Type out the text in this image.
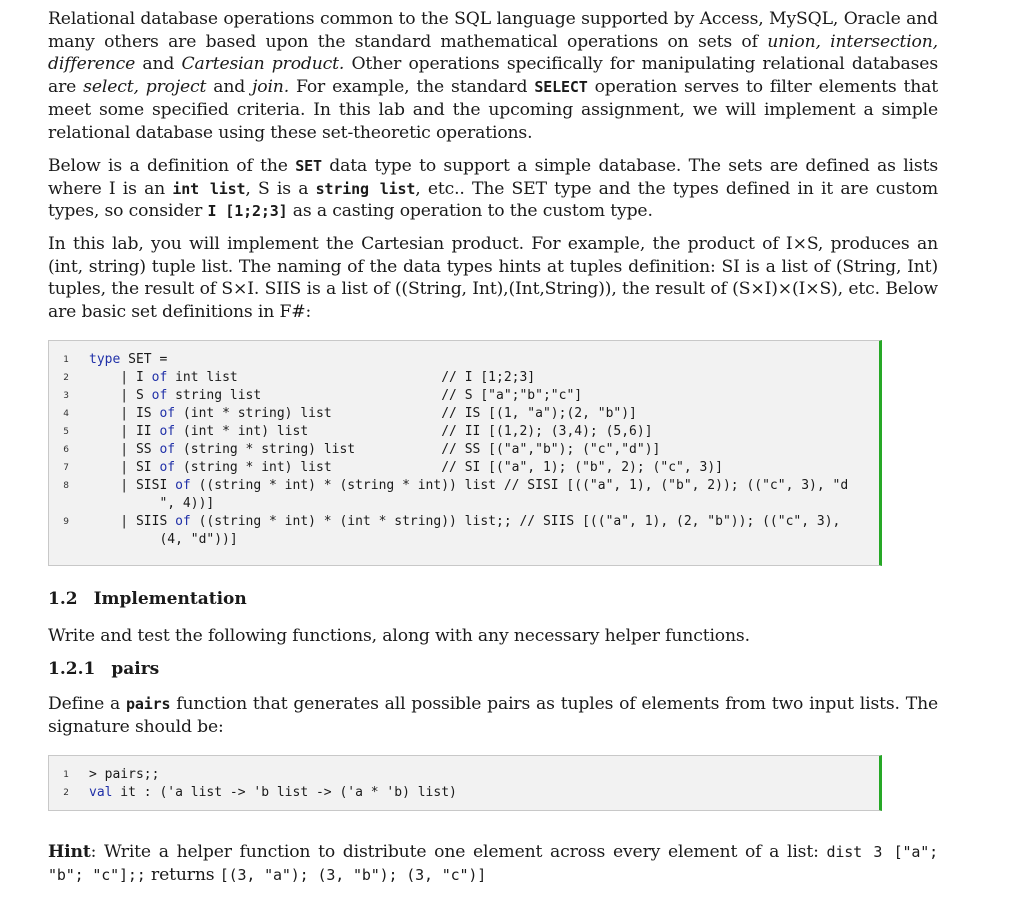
Relational database operations common to the SQL language supported by Access, MySQL, Oracle and many others are based upon the standard mathematical operations on sets of union, intersection, difference and Cartesian product. Other operations specifically for manipulating relational databases are select, project and join. For example, the standard SELECT operation serves to filter elements that meet some specified criteria. In this lab and the upcoming assignment, we will implement a simple relational database using these set-theoretic operations.

Below is a definition of the SET data type to support a simple database. The sets are defined as lists where I is an int list, S is a string list, etc.. The SET type and the types defined in it are custom types, so consider I [1;2;3] as a casting operation to the custom type.

In this lab, you will implement the Cartesian product. For example, the product of I×S, produces an (int, string) tuple list. The naming of the data types hints at tuples definition: SI is a list of (String, Int) tuples, the result of S×I. SIIS is a list of ((String, Int),(Int,String)), the result of (S×I)×(I×S), etc. Below are basic set definitions in F#:

1 type SET =
2 | I of int list                          // I [1;2;3]
3 | S of string list                       // S ["a";"b";"c"]
4 | IS of (int * string) list              // IS [(1, "a");(2, "b")]
5 | II of (int * int) list                 // II [(1,2); (3,4); (5,6)]
6 | SS of (string * string) list           // SS [("a","b"); ("c","d")]
7 | SI of (string * int) list              // SI [("a", 1); ("b", 2); ("c", 3)]
8 | SISI of ((string * int) * (string * int)) list // SISI [(("a", 1), ("b", 2)); (("c", 3), "d
", 4))]
9 | SIIS of ((string * int) * (int * string)) list;; // SIIS [(("a", 1), (2, "b")); (("c", 3),
(4, "d"))]
1.2 Implementation

Write and test the following functions, along with any necessary helper functions.

1.2.1 pairs

Define a pairs function that generates all possible pairs as tuples of elements from two input lists. The signature should be:

1 > pairs;;
2 val it : ('a list -> 'b list -> ('a * 'b) list)

Hint: Write a helper function to distribute one element across every element of a list: dist 3 ["a"; "b"; "c"];; returns [(3, "a"); (3, "b"); (3, "c")]
